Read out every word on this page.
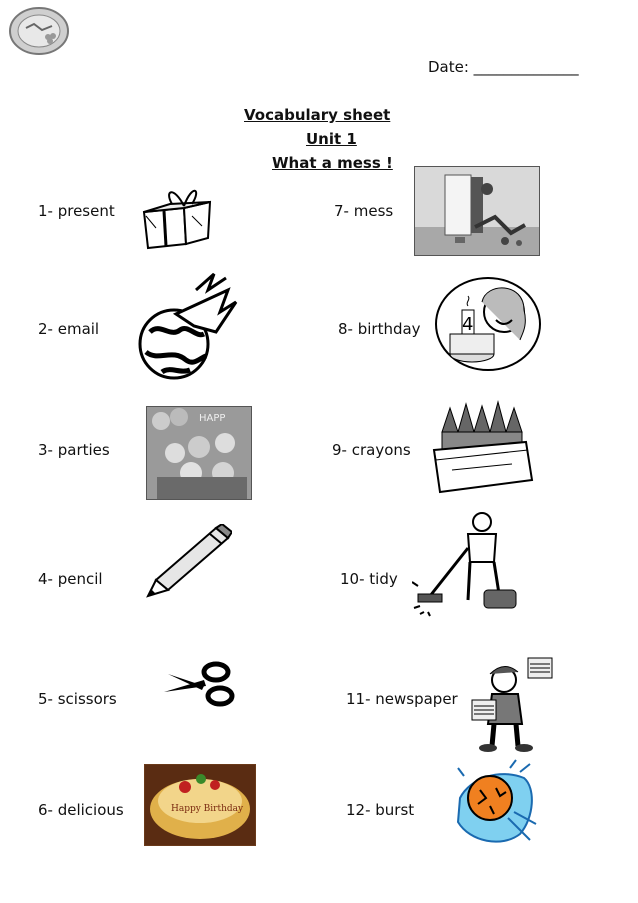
Date: ______________
Vocabulary sheet
Unit 1
What a mess !
1- present
2- email
3- parties
4- pencil
5- scissors
6- delicious
7- mess
8- birthday
9- crayons
10- tidy
11- newspaper
12- burst
HAPP
Happy Birthday
4
